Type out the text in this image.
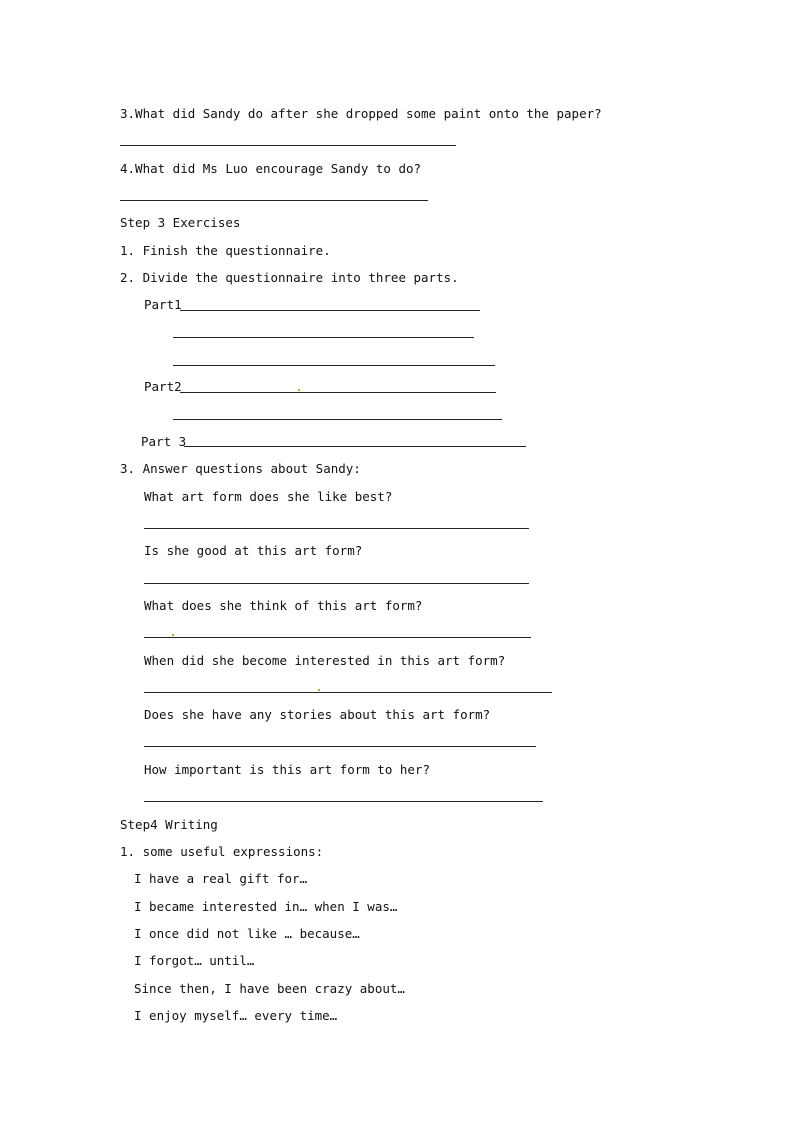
3.What did Sandy do after she dropped some paint onto the paper?
4.What did Ms Luo encourage Sandy to do?
Step 3 Exercises
1. Finish the questionnaire.
2. Divide the questionnaire into three parts.
Part1
Part2
Part 3
3. Answer questions about Sandy:
What art form does she like best?
Is she good at this art form?
What does she think of this art form?
When did she become interested in this art form?
Does she have any stories about this art form?
How important is this art form to her?
Step4 Writing
1. some useful expressions:
I have a real gift for…
I became interested in… when I was…
I once did not like … because…
I forgot… until…
Since then, I have been crazy about…
I enjoy myself… every time…
